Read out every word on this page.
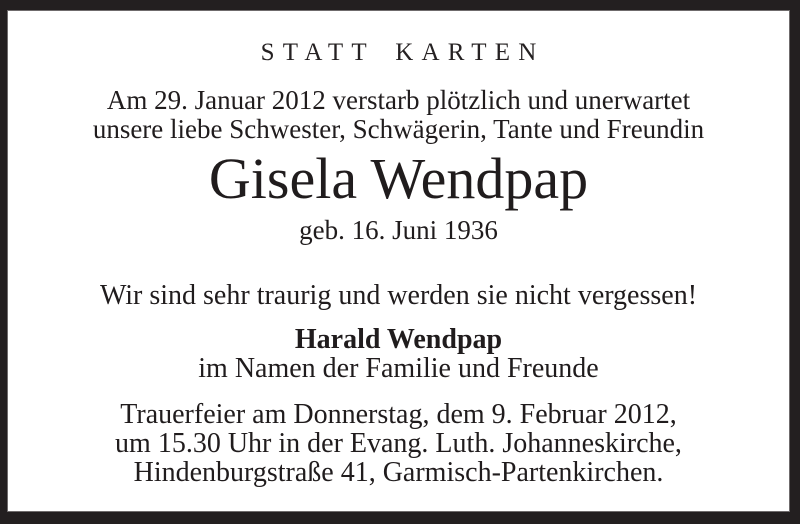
STATT KARTEN
Am 29. Januar 2012 verstarb plötzlich und unerwartet
unsere liebe Schwester, Schwägerin, Tante und Freundin
Gisela Wendpap
geb. 16. Juni 1936
Wir sind sehr traurig und werden sie nicht vergessen!
Harald Wendpap
im Namen der Familie und Freunde
Trauerfeier am Donnerstag, dem 9. Februar 2012,
um 15.30 Uhr in der Evang. Luth. Johanneskirche,
Hindenburgstraße 41, Garmisch-Partenkirchen.
